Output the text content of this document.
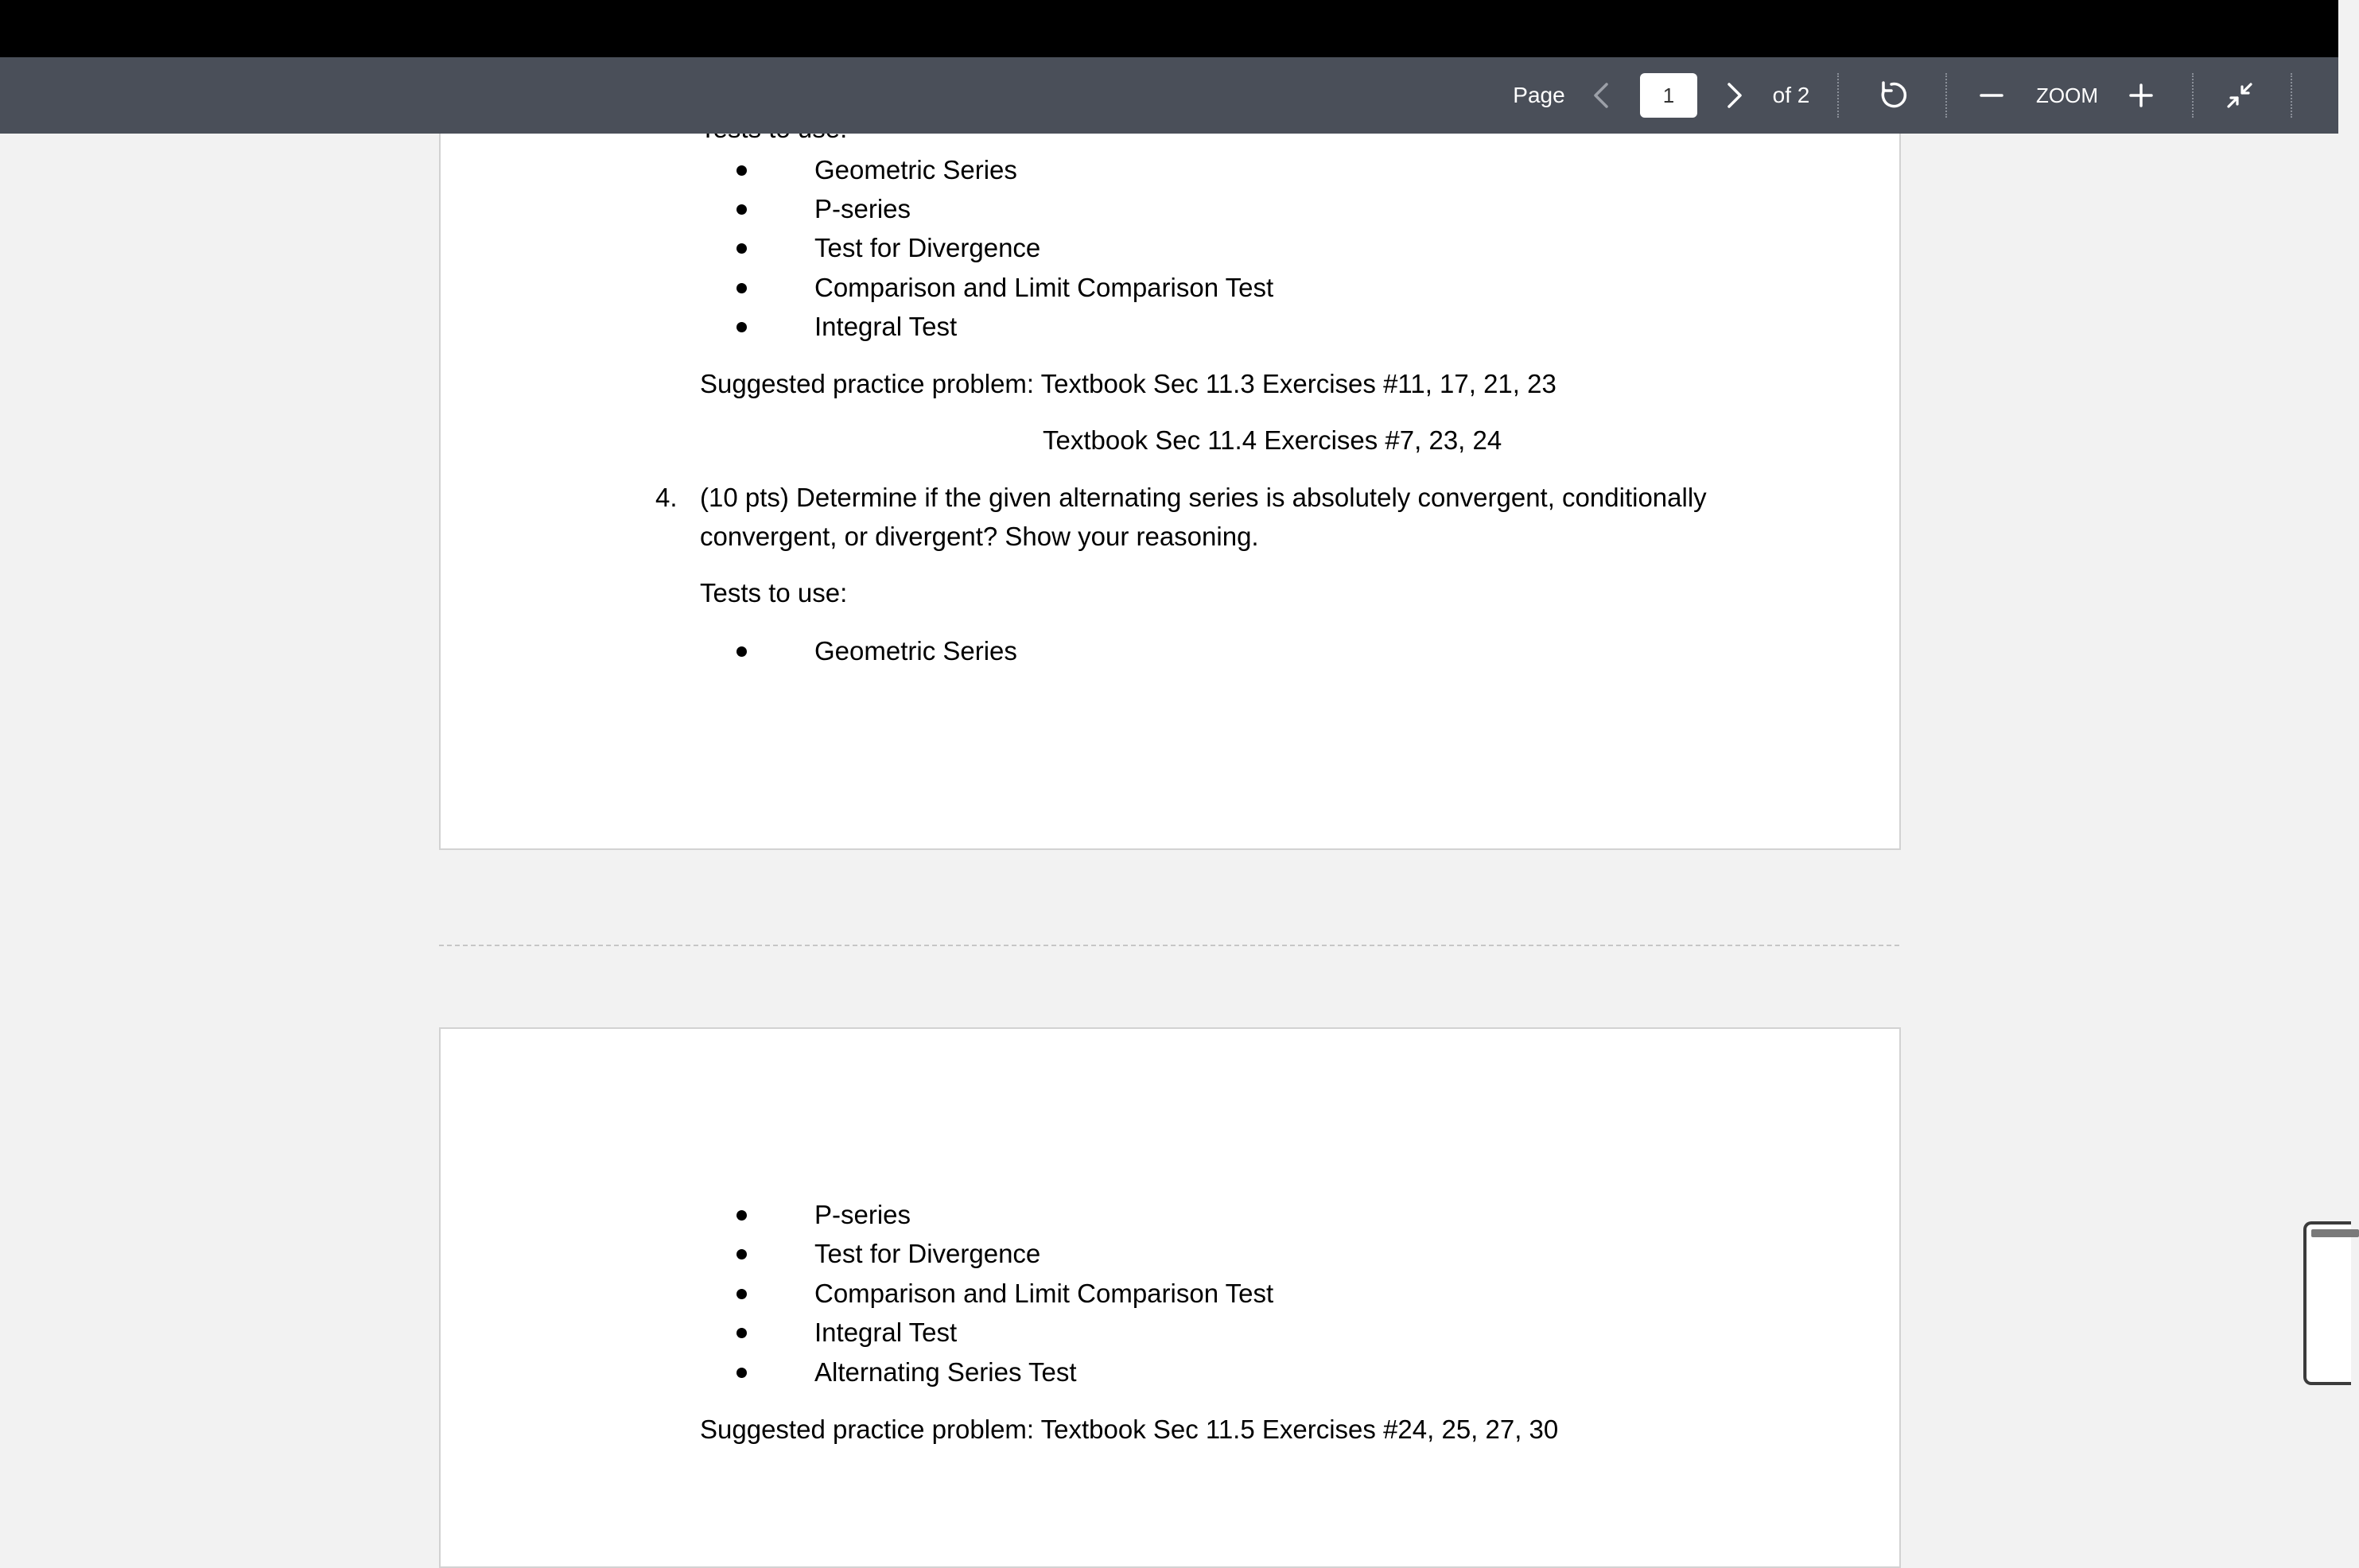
Page	of 2	ZOOM
1
Geometric Series
P-series
Test for Divergence
Comparison and Limit Comparison Test
Integral Test
Suggested practice problem: Textbook Sec 11.3 Exercises #11, 17, 21, 23
Textbook Sec 11.4 Exercises #7, 23, 24
4. (10 pts) Determine if the given alternating series is absolutely convergent, conditionally
convergent, or divergent? Show your reasoning.
Tests to use:
Geometric Series
P-series
Test for Divergence
Comparison and Limit Comparison Test
Integral Test
Alternating Series Test
Suggested practice problem: Textbook Sec 11.5 Exercises #24, 25, 27, 30
